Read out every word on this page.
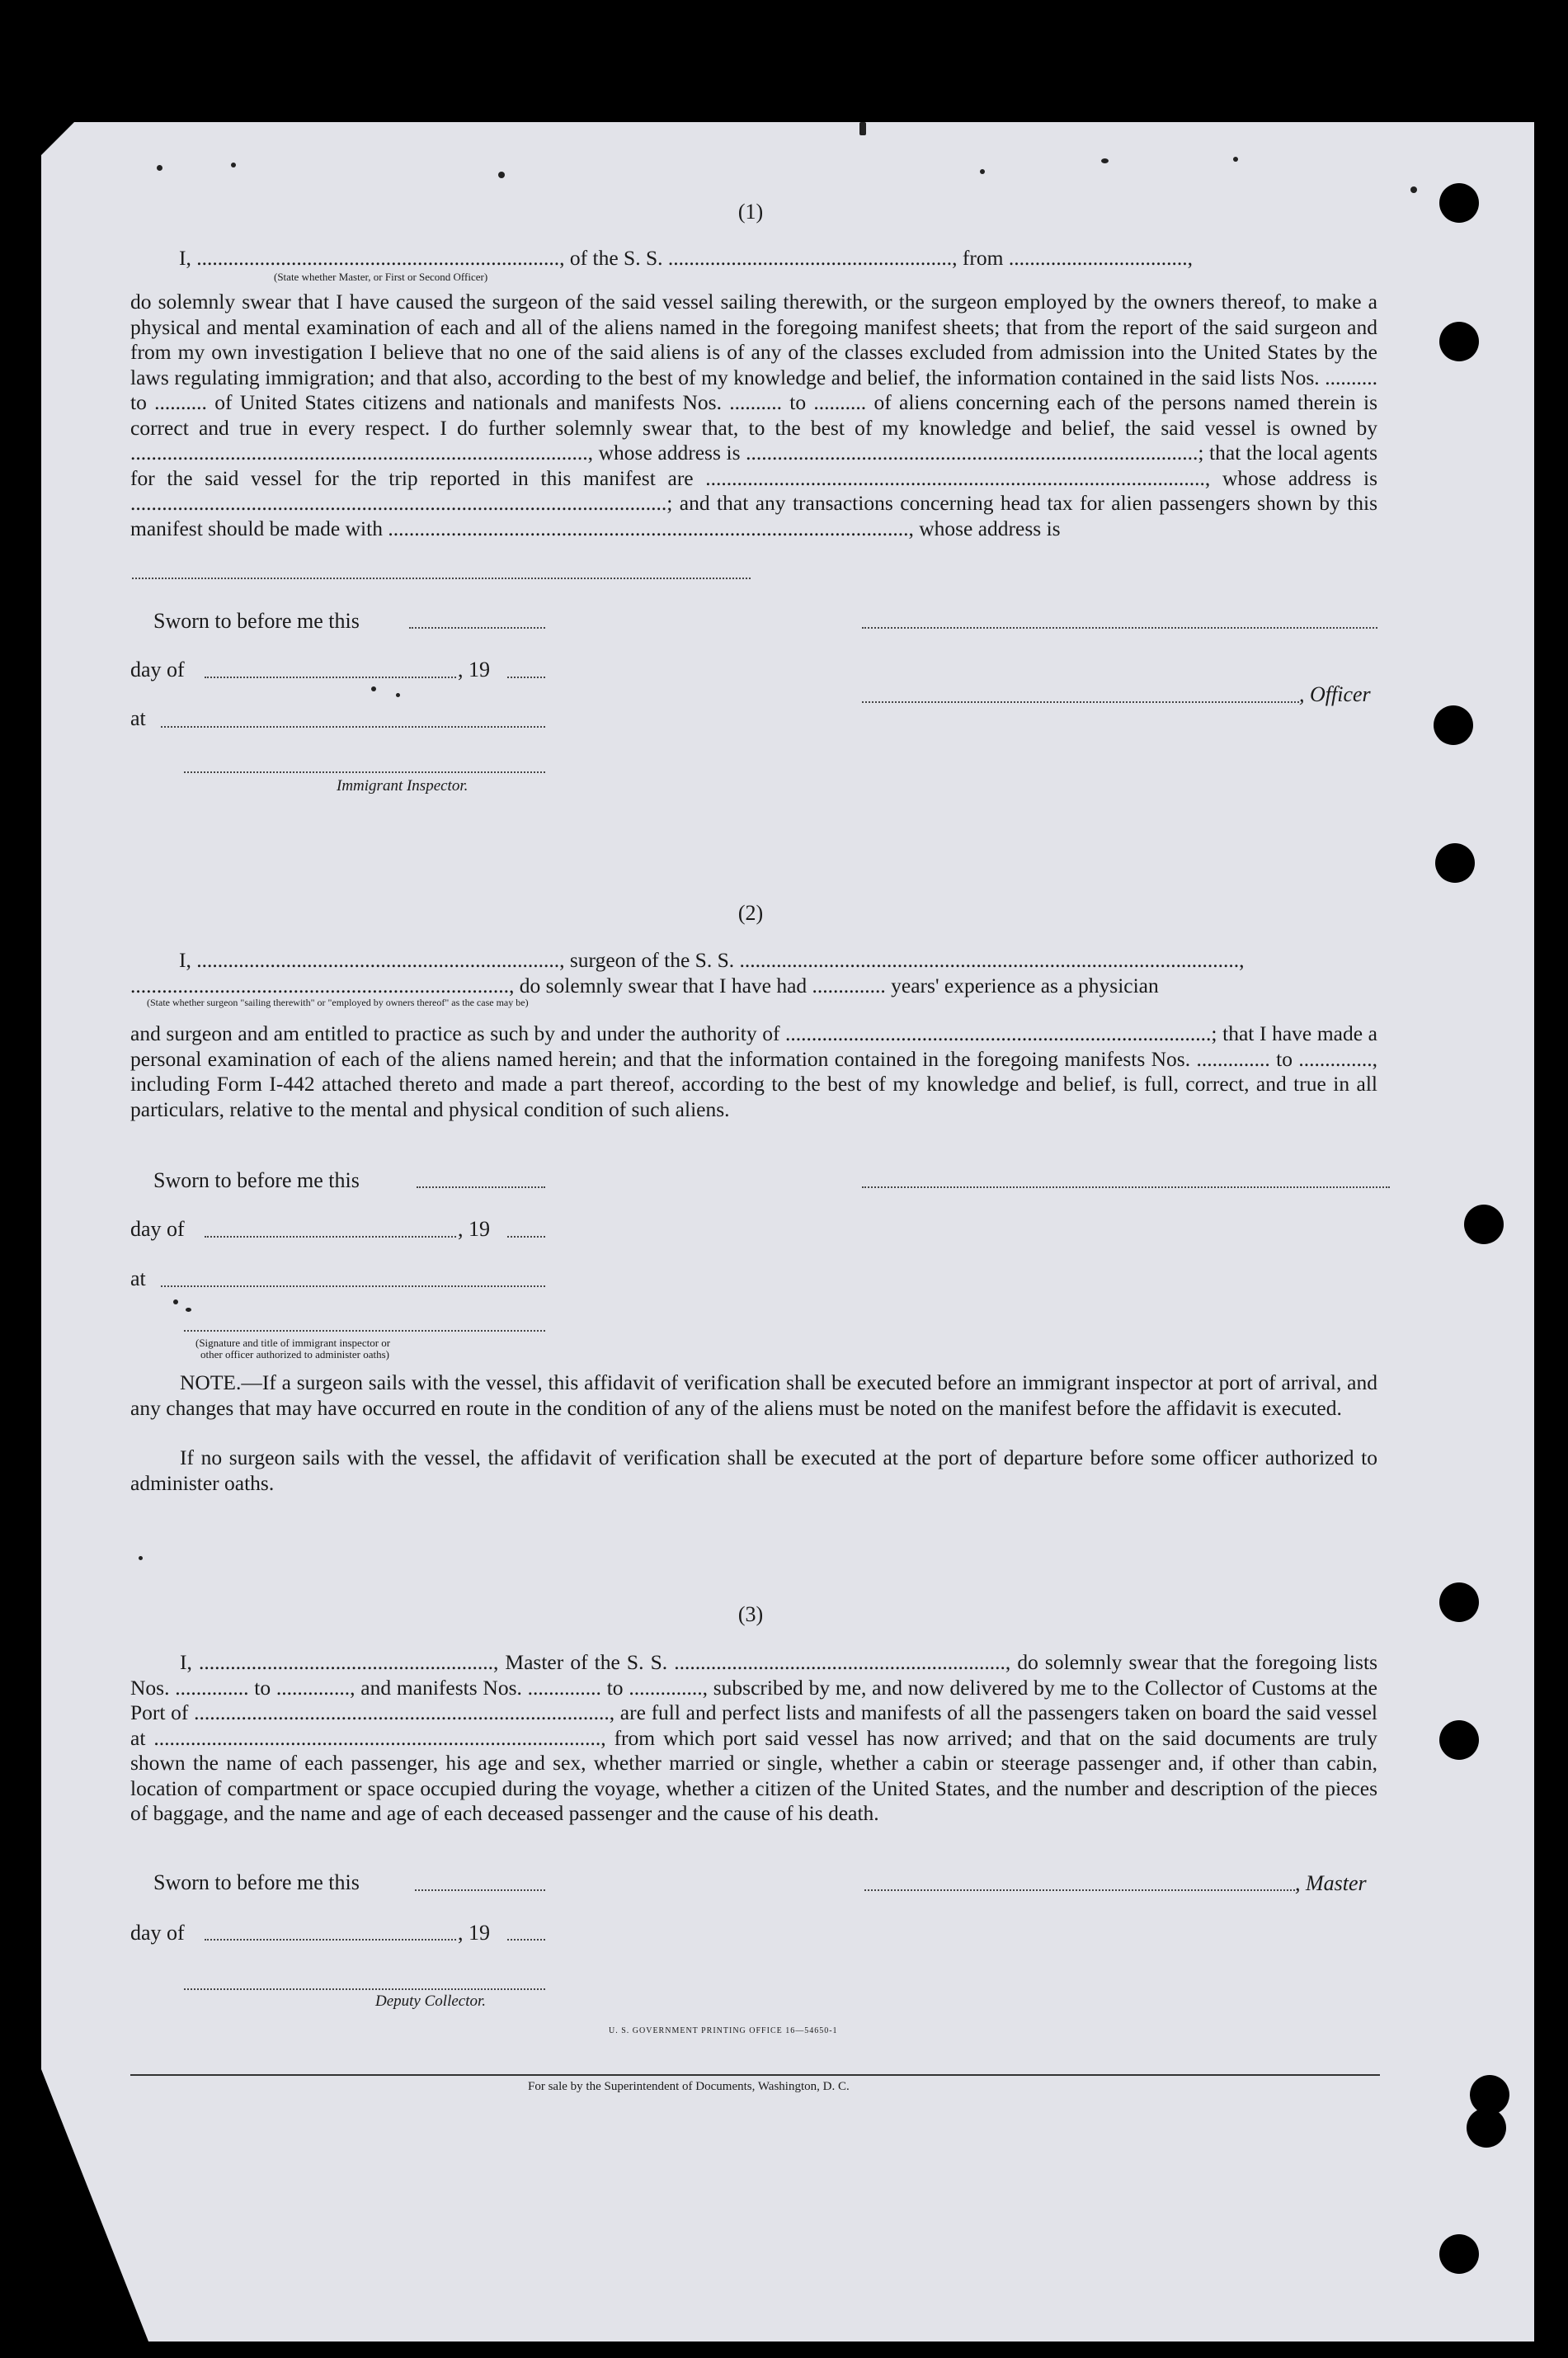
(1)
I, ....................................................................., of the S. S. ......................................................, from ..................................,
(State whether Master, or First or Second Officer)

do solemnly swear that I have caused the surgeon of the said vessel sailing therewith, or the surgeon employed by the owners thereof, to make a physical and mental examination of each and all of the aliens named in the foregoing manifest sheets; that from the report of the said surgeon and from my own investigation I believe that no one of the said aliens is of any of the classes excluded from admission into the United States by the laws regulating immigration; and that also, according to the best of my knowledge and belief, the information contained in the said lists Nos. .......... to .......... of United States citizens and nationals and manifests Nos. .......... to .......... of aliens concerning each of the persons named therein is correct and true in every respect. I do further solemnly swear that, to the best of my knowledge and belief, the said vessel is owned by ......................................................................................., whose address is ......................................................................................; that the local agents for the said vessel for the trip reported in this manifest are ..............................................................................................., whose address is ......................................................................................................; and that any transactions concerning head tax for alien passengers shown by this manifest should be made with ..................................................................................................., whose address is

Sworn to before me this
day of	, 19
, Officer
at
Immigrant Inspector.
(2)
I, ....................................................................., surgeon of the S. S. ...............................................................................................,
........................................................................, do solemnly swear that I have had .............. years' experience as a physician
(State whether surgeon "sailing therewith" or "employed by owners thereof" as the case may be)

and surgeon and am entitled to practice as such by and under the authority of .................................................................................; that I have made a personal examination of each of the aliens named herein; and that the information contained in the foregoing manifests Nos. .............. to .............., including Form I-442 attached thereto and made a part thereof, according to the best of my knowledge and belief, is full, correct, and true in all particulars, relative to the mental and physical condition of such aliens.

Sworn to before me this
day of	, 19
at
(Signature and title of immigrant inspector or
other officer authorized to administer oaths)

NOTE.—If a surgeon sails with the vessel, this affidavit of verification shall be executed before an immigrant inspector at port of arrival, and any changes that may have occurred en route in the condition of any of the aliens must be noted on the manifest before the affidavit is executed.

If no surgeon sails with the vessel, the affidavit of verification shall be executed at the port of departure before some officer authorized to administer oaths.

(3)

I, ........................................................, Master of the S. S. ..............................................................., do solemnly swear that the foregoing lists Nos. .............. to .............., and manifests Nos. .............. to .............., subscribed by me, and now delivered by me to the Collector of Customs at the Port of ..............................................................................., are full and perfect lists and manifests of all the passengers taken on board the said vessel at ....................................................................................., from which port said vessel has now arrived; and that on the said documents are truly shown the name of each passenger, his age and sex, whether married or single, whether a cabin or steerage passenger and, if other than cabin, location of compartment or space occupied during the voyage, whether a citizen of the United States, and the number and description of the pieces of baggage, and the name and age of each deceased passenger and the cause of his death.

Sworn to before me this	, Master
day of	, 19
Deputy Collector.
U. S. GOVERNMENT PRINTING OFFICE 16—54650-1
For sale by the Superintendent of Documents, Washington, D. C.
